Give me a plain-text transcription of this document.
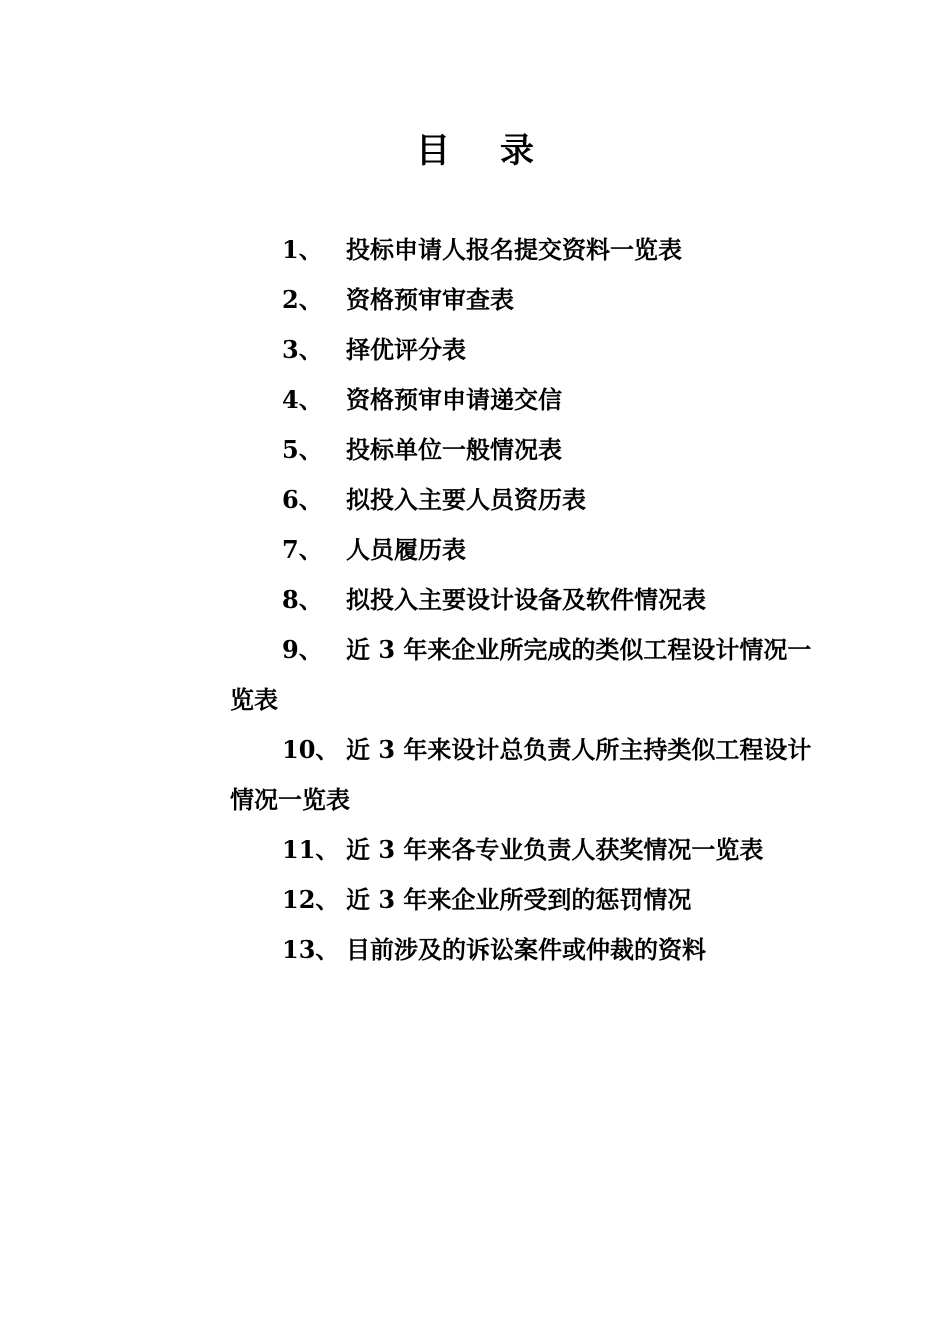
目 录
1、 投标申请人报名提交资料一览表
2、 资格预审审查表
3、 择优评分表
4、 资格预审申请递交信
5、 投标单位一般情况表
6、 拟投入主要人员资历表
7、 人员履历表
8、 拟投入主要设计设备及软件情况表
9、 近 3 年来企业所完成的类似工程设计情况一览表
10、 近 3 年来设计总负责人所主持类似工程设计情况一览表
11、 近 3 年来各专业负责人获奖情况一览表
12、 近 3 年来企业所受到的惩罚情况
13、 目前涉及的诉讼案件或仲裁的资料
